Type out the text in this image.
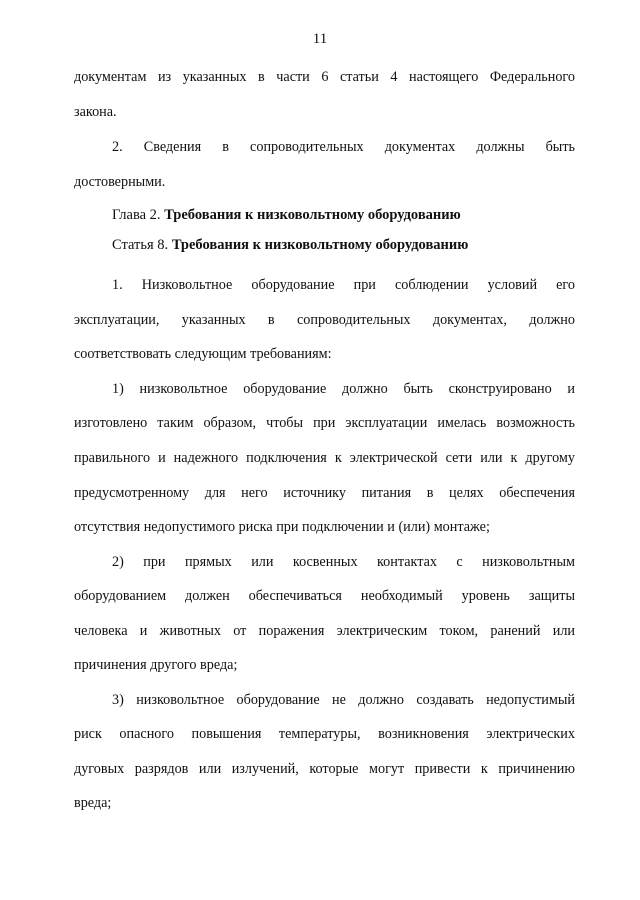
11
документам из указанных в части 6 статьи 4 настоящего Федерального
закона.
2. Сведения в сопроводительных документах должны быть
достоверными.
Глава 2. Требования к низковольтному оборудованию
Статья 8. Требования к низковольтному оборудованию
1. Низковольтное оборудование при соблюдении условий его
эксплуатации, указанных в сопроводительных документах, должно
соответствовать следующим требованиям:
1) низковольтное оборудование должно быть сконструировано и
изготовлено таким образом, чтобы при эксплуатации имелась возможность
правильного и надежного подключения к электрической сети или к другому
предусмотренному для него источнику питания в целях обеспечения
отсутствия недопустимого риска при подключении и (или) монтаже;
2) при прямых или косвенных контактах с низковольтным
оборудованием должен обеспечиваться необходимый уровень защиты
человека и животных от поражения электрическим током, ранений или
причинения другого вреда;
3) низковольтное оборудование не должно создавать недопустимый
риск опасного повышения температуры, возникновения электрических
дуговых разрядов или излучений, которые могут привести к причинению
вреда;
